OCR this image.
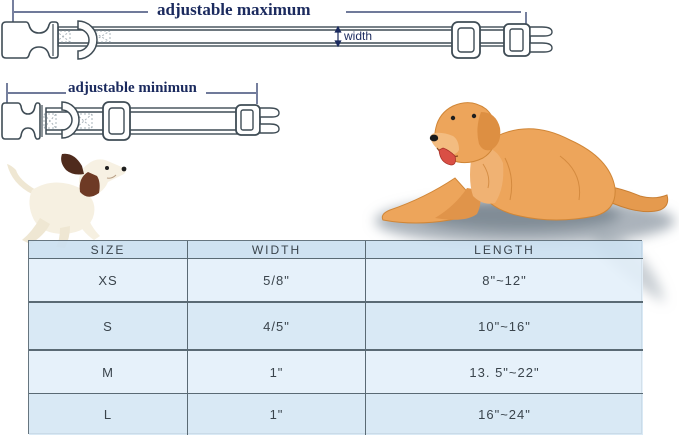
adjustable maximum
width
adjustable minimun
SIZE	WIDTH	LENGTH
XS	5/8"	8"~12"
S	4/5"	10"~16"
M	1"	13. 5"~22"
L	1"	16"~24"
